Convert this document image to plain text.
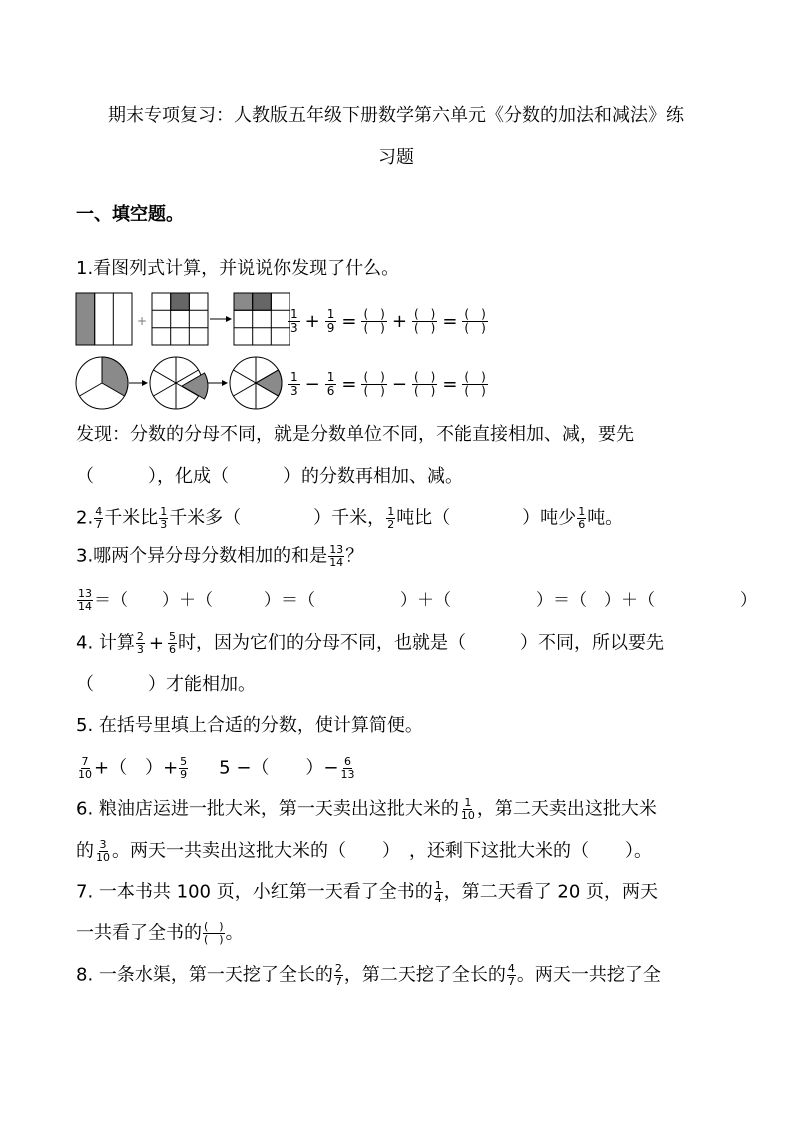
期末专项复习：人教版五年级下册数学第六单元《分数的加法和减法》练
习题
一、填空题。
1.看图列式计算，并说说你发现了什么。
+	$\frac{1}{3} + \frac{1}{9}$ = (　)
(　) + (　)
(　) = (　)
(　)
$\frac{1}{3} - \frac{1}{6}$ = (　)
(　) − (　)
(　) = (　)
(　)
发现：分数的分母不同，就是分数单位不同，不能直接相加、减，要先
（　　　），化成（　　　）的分数再相加、减。
2. $\frac{4}{7}$ 千米比 $\frac{1}{3}$ 千米多（　　　　）千米， $\frac{1}{2}$ 吨比（　　　　）吨少 $\frac{1}{6}$ 吨。
3.哪两个异分母分数相加的和是 $\frac{13}{14}$ ？
$\frac{13}{14}$ ＝（　　）＋（　　　）＝（　　　　　）＋（　　　　　）＝（　）＋（　　　　　）
4. 计算 $\frac{2}{3} + \frac{5}{6}$ 时，因为它们的分母不同，也就是（　　　）不同，所以要先
（　　　）才能相加。
5. 在括号里填上合适的分数，使计算简便。
$\frac{7}{10}$ +（　）+ $\frac{5}{9} 5$ −（　　）− $\frac{6}{13}$
6. 粮油店运进一批大米，第一天卖出这批大米的 $\frac{1}{10}$ ，第二天卖出这批大米
的 $\frac{3}{10}$ 。两天一共卖出这批大米的（　　）　，还剩下这批大米的（　　）。
7. 一本书共 100 页，小红第一天看了全书的 $\frac{1}{4}$ ，第二天看了 20 页，两天
一共看了全书的 (　)
(　) 。
8. 一条水渠，第一天挖了全长的 $\frac{2}{7}$ ，第二天挖了全长的 $\frac{4}{7}$ 。两天一共挖了全
